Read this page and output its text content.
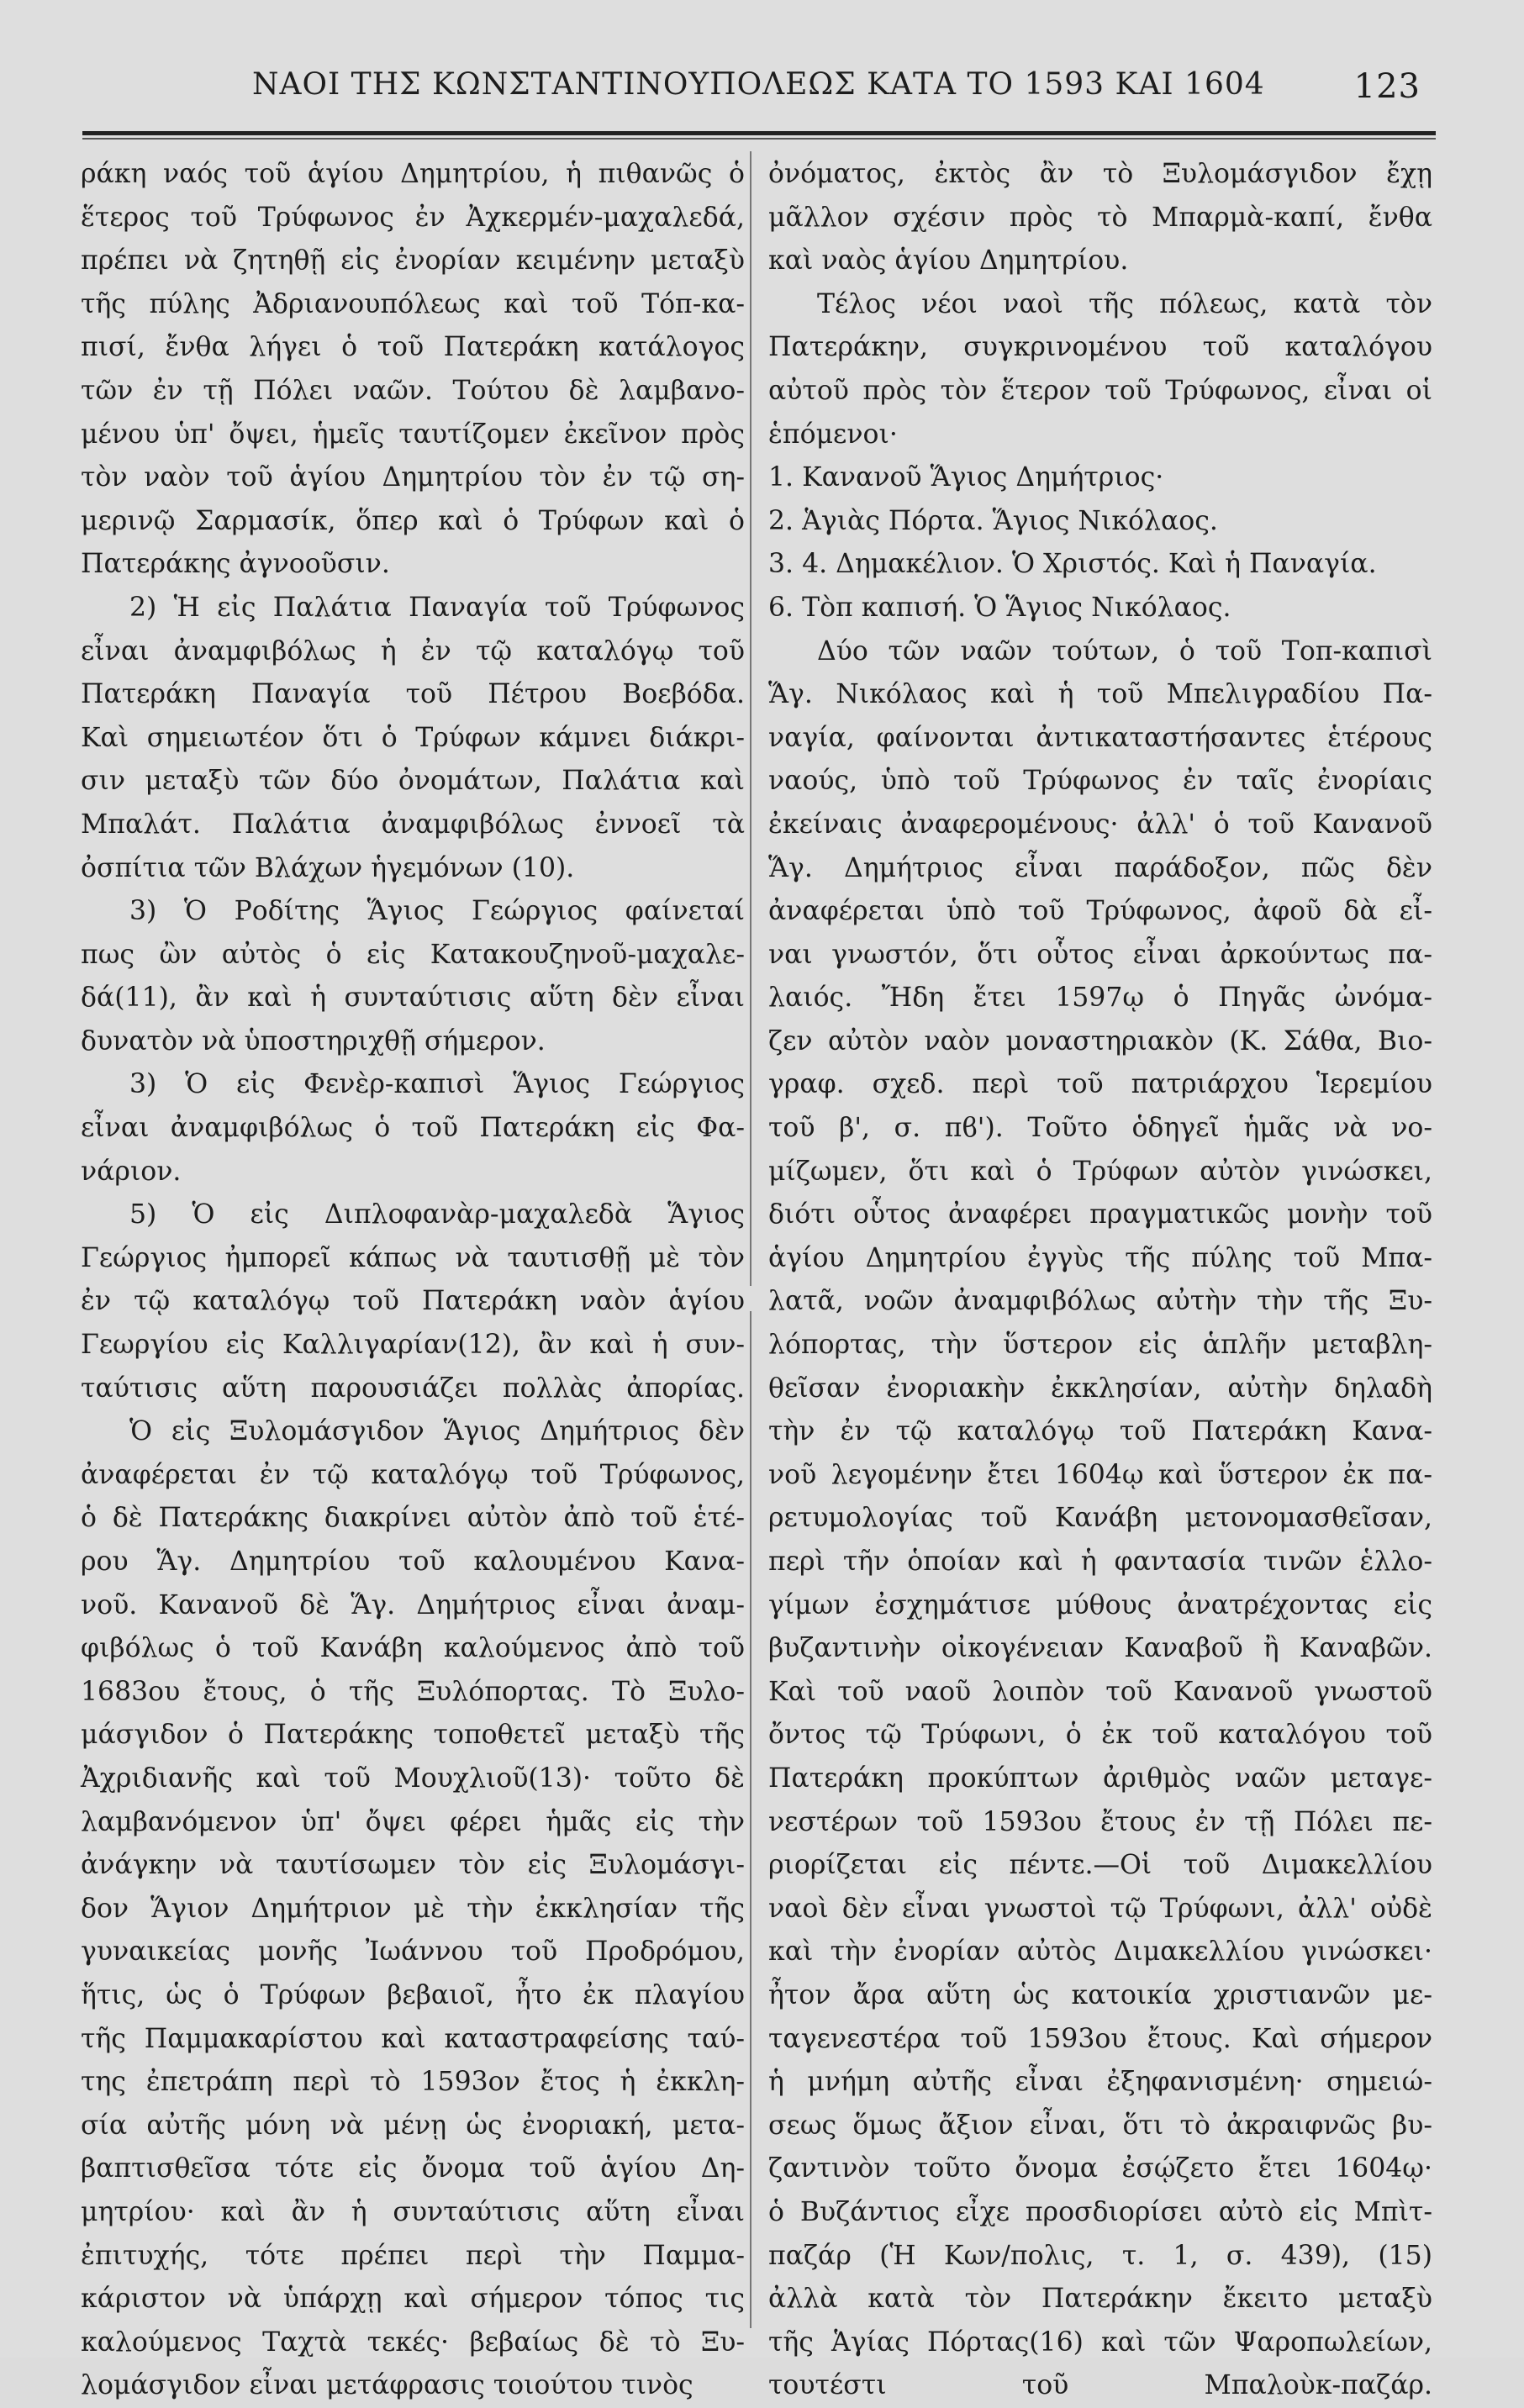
ΝΑΟΙ ΤΗΣ ΚΩΝΣΤΑΝΤΙΝΟΥΠΟΛΕΩΣ ΚΑΤΑ ΤΟ 1593 ΚΑΙ 1604	123
ράκη ναός τοῦ ἁγίου Δημητρίου, ἡ πιθανῶς ὁ
ἕτερος τοῦ Τρύφωνος ἐν Ἀχκερμέν-μαχαλεδά,
πρέπει νὰ ζητηθῇ εἰς ἐνορίαν κειμένην μεταξὺ
τῆς πύλης Ἀδριανουπόλεως καὶ τοῦ Τόπ-κα-
πισί, ἔνθα λήγει ὁ τοῦ Πατεράκη κατάλογος
τῶν ἐν τῇ Πόλει ναῶν. Τούτου δὲ λαμβανο-
μένου ὑπ' ὄψει, ἡμεῖς ταυτίζομεν ἐκεῖνον πρὸς
τὸν ναὸν τοῦ ἁγίου Δημητρίου τὸν ἐν τῷ ση-
μερινῷ Σαρμασίκ, ὅπερ καὶ ὁ Τρύφων καὶ ὁ
Πατεράκης ἀγνοοῦσιν.
2) Ἡ εἰς Παλάτια Παναγία τοῦ Τρύφωνος
εἶναι ἀναμφιβόλως ἡ ἐν τῷ καταλόγῳ τοῦ
Πατεράκη Παναγία τοῦ Πέτρου Βοεβόδα.
Καὶ σημειωτέον ὅτι ὁ Τρύφων κάμνει διάκρι-
σιν μεταξὺ τῶν δύο ὀνομάτων, Παλάτια καὶ
Μπαλάτ. Παλάτια ἀναμφιβόλως ἐννοεῖ τὰ
ὀσπίτια τῶν Βλάχων ἡγεμόνων (10).
3) Ὁ Ροδίτης Ἅγιος Γεώργιος φαίνεταί
πως ὢν αὐτὸς ὁ εἰς Κατακουζηνοῦ-μαχαλε-
δά(11), ἂν καὶ ἡ συνταύτισις αὕτη δὲν εἶναι
δυνατὸν νὰ ὑποστηριχθῇ σήμερον.
3) Ὁ εἰς Φενὲρ-καπισὶ Ἅγιος Γεώργιος
εἶναι ἀναμφιβόλως ὁ τοῦ Πατεράκη εἰς Φα-
νάριον.
5) Ὁ εἰς Διπλοφανὰρ-μαχαλεδὰ Ἅγιος
Γεώργιος ἠμπορεῖ κάπως νὰ ταυτισθῇ μὲ τὸν
ἐν τῷ καταλόγῳ τοῦ Πατεράκη ναὸν ἁγίου
Γεωργίου εἰς Καλλιγαρίαν(12), ἂν καὶ ἡ συν-
ταύτισις αὕτη παρουσιάζει πολλὰς ἀπορίας.
Ὁ εἰς Ξυλομάσγιδον Ἅγιος Δημήτριος δὲν
ἀναφέρεται ἐν τῷ καταλόγῳ τοῦ Τρύφωνος,
ὁ δὲ Πατεράκης διακρίνει αὐτὸν ἀπὸ τοῦ ἑτέ-
ρου Ἅγ. Δημητρίου τοῦ καλουμένου Κανα-
νοῦ. Κανανοῦ δὲ Ἅγ. Δημήτριος εἶναι ἀναμ-
φιβόλως ὁ τοῦ Κανάβη καλούμενος ἀπὸ τοῦ
1683ου ἔτους, ὁ τῆς Ξυλόπορτας. Τὸ Ξυλο-
μάσγιδον ὁ Πατεράκης τοποθετεῖ μεταξὺ τῆς
Ἀχριδιανῆς καὶ τοῦ Μουχλιοῦ(13)· τοῦτο δὲ
λαμβανόμενον ὑπ' ὄψει φέρει ἡμᾶς εἰς τὴν
ἀνάγκην νὰ ταυτίσωμεν τὸν εἰς Ξυλομάσγι-
δον Ἅγιον Δημήτριον μὲ τὴν ἐκκλησίαν τῆς
γυναικείας μονῆς Ἰωάννου τοῦ Προδρόμου,
ἥτις, ὡς ὁ Τρύφων βεβαιοῖ, ἦτο ἐκ πλαγίου
τῆς Παμμακαρίστου καὶ καταστραφείσης ταύ-
της ἐπετράπη περὶ τὸ 1593ον ἔτος ἡ ἐκκλη-
σία αὐτῆς μόνη νὰ μένῃ ὡς ἐνοριακή, μετα-
βαπτισθεῖσα τότε εἰς ὄνομα τοῦ ἁγίου Δη-
μητρίου· καὶ ἂν ἡ συνταύτισις αὕτη εἶναι
ἐπιτυχής, τότε πρέπει περὶ τὴν Παμμα-
κάριστον νὰ ὑπάρχῃ καὶ σήμερον τόπος τις
καλούμενος Ταχτὰ τεκές· βεβαίως δὲ τὸ Ξυ-
λομάσγιδον εἶναι μετάφρασις τοιούτου τινὸς
ὀνόματος, ἐκτὸς ἂν τὸ Ξυλομάσγιδον ἔχῃ
μᾶλλον σχέσιν πρὸς τὸ Μπαρμὰ-καπί, ἔνθα
καὶ ναὸς ἁγίου Δημητρίου.
Τέλος νέοι ναοὶ τῆς πόλεως, κατὰ τὸν
Πατεράκην, συγκρινομένου τοῦ καταλόγου
αὐτοῦ πρὸς τὸν ἕτερον τοῦ Τρύφωνος, εἶναι οἱ
ἑπόμενοι·
1. Κανανοῦ Ἅγιος Δημήτριος·
2. Ἁγιὰς Πόρτα. Ἅγιος Νικόλαος.
3. 4. Δημακέλιον. Ὁ Χριστός. Καὶ ἡ Παναγία.
6. Τὸπ καπισή. Ὁ Ἅγιος Νικόλαος.
Δύο τῶν ναῶν τούτων, ὁ τοῦ Τοπ-καπισὶ
Ἅγ. Νικόλαος καὶ ἡ τοῦ Μπελιγραδίου Πα-
ναγία, φαίνονται ἀντικαταστήσαντες ἑτέρους
ναούς, ὑπὸ τοῦ Τρύφωνος ἐν ταῖς ἐνορίαις
ἐκείναις ἀναφερομένους· ἀλλ' ὁ τοῦ Κανανοῦ
Ἅγ. Δημήτριος εἶναι παράδοξον, πῶς δὲν
ἀναφέρεται ὑπὸ τοῦ Τρύφωνος, ἀφοῦ δὰ εἶ-
ναι γνωστόν, ὅτι οὗτος εἶναι ἀρκούντως πα-
λαιός. Ἤδη ἔτει 1597ῳ ὁ Πηγᾶς ὠνόμα-
ζεν αὐτὸν ναὸν μοναστηριακὸν (Κ. Σάθα, Βιο-
γραφ. σχεδ. περὶ τοῦ πατριάρχου Ἱερεμίου
τοῦ β', σ. πϐ'). Τοῦτο ὁδηγεῖ ἡμᾶς νὰ νο-
μίζωμεν, ὅτι καὶ ὁ Τρύφων αὐτὸν γινώσκει,
διότι οὗτος ἀναφέρει πραγματικῶς μονὴν τοῦ
ἁγίου Δημητρίου ἐγγὺς τῆς πύλης τοῦ Μπα-
λατᾶ, νοῶν ἀναμφιβόλως αὐτὴν τὴν τῆς Ξυ-
λόπορτας, τὴν ὕστερον εἰς ἁπλῆν μεταβλη-
θεῖσαν ἐνοριακὴν ἐκκλησίαν, αὐτὴν δηλαδὴ
τὴν ἐν τῷ καταλόγῳ τοῦ Πατεράκη Κανα-
νοῦ λεγομένην ἔτει 1604ῳ καὶ ὕστερον ἐκ πα-
ρετυμολογίας τοῦ Κανάβη μετονομασθεῖσαν,
περὶ τῆν ὁποίαν καὶ ἡ φαντασία τινῶν ἑλλο-
γίμων ἐσχημάτισε μύθους ἀνατρέχοντας εἰς
βυζαντινὴν οἰκογένειαν Καναβοῦ ἢ Καναβῶν.
Καὶ τοῦ ναοῦ λοιπὸν τοῦ Κανανοῦ γνωστοῦ
ὄντος τῷ Τρύφωνι, ὁ ἐκ τοῦ καταλόγου τοῦ
Πατεράκη προκύπτων ἀριθμὸς ναῶν μεταγε-
νεστέρων τοῦ 1593ου ἔτους ἐν τῇ Πόλει πε-
ριορίζεται εἰς πέντε.—Οἱ τοῦ Διμακελλίου
ναοὶ δὲν εἶναι γνωστοὶ τῷ Τρύφωνι, ἀλλ' οὐδὲ
καὶ τὴν ἐνορίαν αὐτὸς Διμακελλίου γινώσκει·
ἦτον ἄρα αὕτη ὡς κατοικία χριστιανῶν με-
ταγενεστέρα τοῦ 1593ου ἔτους. Καὶ σήμερον
ἡ μνήμη αὐτῆς εἶναι ἐξηφανισμένη· σημειώ-
σεως ὅμως ἄξιον εἶναι, ὅτι τὸ ἀκραιφνῶς βυ-
ζαντινὸν τοῦτο ὄνομα ἐσῴζετο ἔτει 1604ῳ·
ὁ Βυζάντιος εἶχε προσδιορίσει αὐτὸ εἰς Μπὶτ-
παζάρ (Ἡ Κων/πολις, τ. 1, σ. 439), (15)
ἀλλὰ κατὰ τὸν Πατεράκην ἔκειτο μεταξὺ
τῆς Ἁγίας Πόρτας(16) καὶ τῶν Ψαροπωλείων,
τουτέστι τοῦ Μπαλοὺκ-παζάρ.
